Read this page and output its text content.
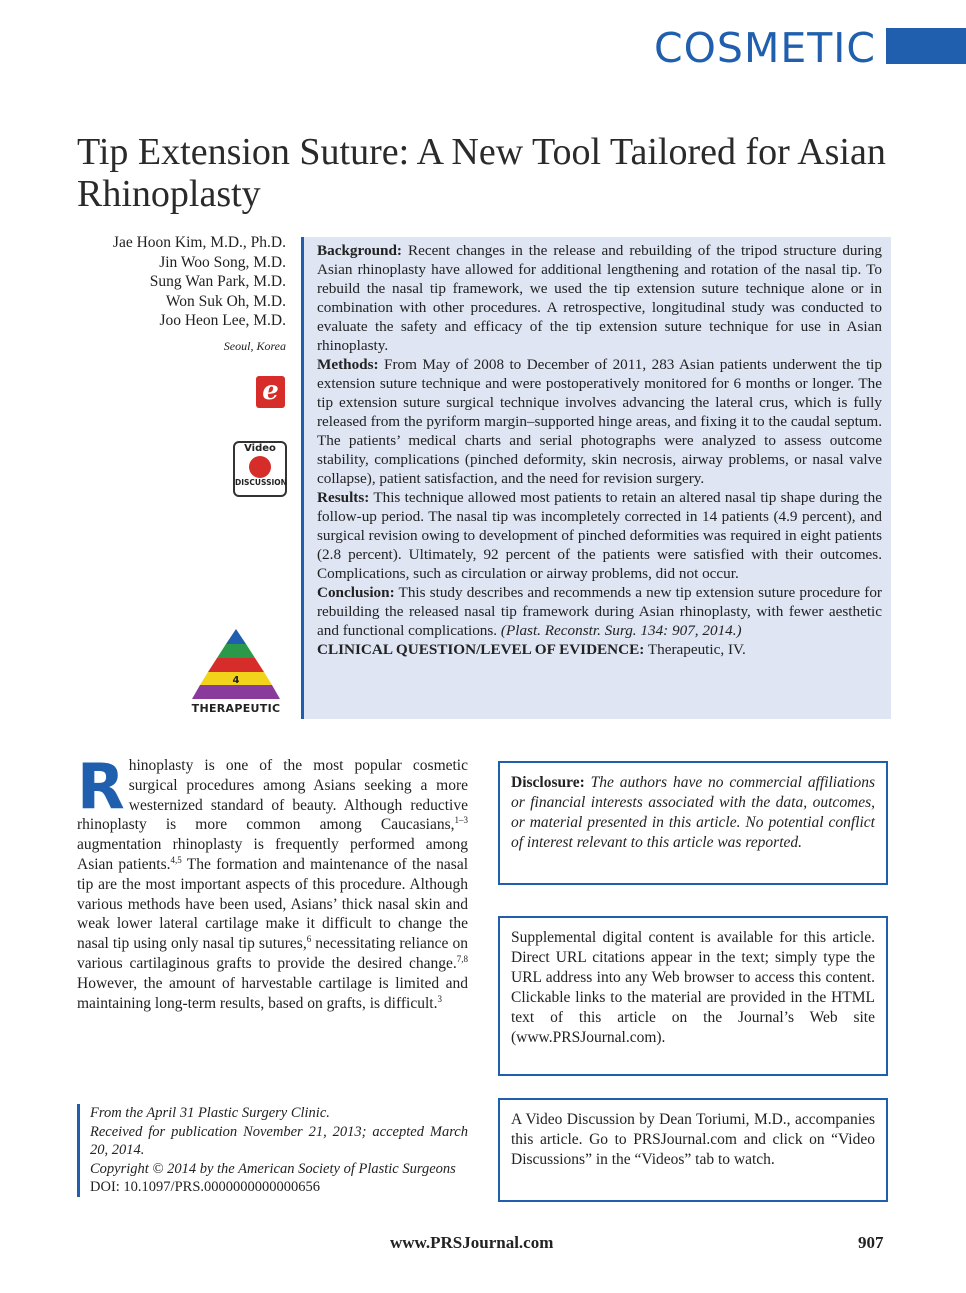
COSMETIC
Tip Extension Suture: A New Tool Tailored for Asian Rhinoplasty
Jae Hoon Kim, M.D., Ph.D.
Jin Woo Song, M.D.
Sung Wan Park, M.D.
Won Suk Oh, M.D.
Joo Heon Lee, M.D.
Seoul, Korea
e
Video
DISCUSSION
4
THERAPEUTIC

Background: Recent changes in the release and rebuilding of the tripod structure during Asian rhinoplasty have allowed for additional lengthening and rotation of the nasal tip. To rebuild the nasal tip framework, we used the tip extension suture technique alone or in combination with other procedures. A retrospective, longitudinal study was conducted to evaluate the safety and efficacy of the tip extension suture technique for use in Asian rhinoplasty.

Methods: From May of 2008 to December of 2011, 283 Asian patients underwent the tip extension suture technique and were postoperatively monitored for 6 months or longer. The tip extension suture surgical technique involves advancing the lateral crus, which is fully released from the pyriform margin–supported hinge areas, and fixing it to the caudal septum. The patients’ medical charts and serial photographs were analyzed to assess outcome stability, complications (pinched deformity, skin necrosis, airway problems, or nasal valve collapse), patient satisfaction, and the need for revision surgery.

Results: This technique allowed most patients to retain an altered nasal tip shape during the follow-up period. The nasal tip was incompletely corrected in 14 patients (4.9 percent), and surgical revision owing to development of pinched deformities was required in eight patients (2.8 percent). Ultimately, 92 percent of the patients were satisfied with their outcomes. Complications, such as circulation or airway problems, did not occur.

Conclusion: This study describes and recommends a new tip extension suture procedure for rebuilding the released nasal tip framework during Asian rhinoplasty, with fewer aesthetic and functional complications. (Plast. Reconstr. Surg. 134: 907, 2014.)

CLINICAL QUESTION/LEVEL OF EVIDENCE: Therapeutic, IV.

Rhinoplasty is one of the most popular cosmetic surgical procedures among Asians seeking a more westernized standard of beauty. Although reductive rhinoplasty is more common among Caucasians,$^{1-3}$ augmentation rhinoplasty is frequently performed among Asian patients.$^{4,5}$ The formation and maintenance of the nasal tip are the most important aspects of this procedure. Although various methods have been used, Asians’ thick nasal skin and weak lower lateral cartilage make it difficult to change the nasal tip using only nasal tip sutures,$^6$ necessitating reliance on various cartilaginous grafts to provide the desired change.$^{7,8}$ However, the amount of harvestable cartilage is limited and maintaining long-term results, based on grafts, is difficult.$^3$

Disclosure: The authors have no commercial affiliations or financial interests associated with the data, outcomes, or material presented in this article. No potential conflict of interest relevant to this article was reported.
Supplemental digital content is available for this article. Direct URL citations appear in the text; simply type the URL address into any Web browser to access this content. Clickable links to the material are provided in the HTML text of this article on the Journal’s Web site (www.PRSJournal.com).
A Video Discussion by Dean Toriumi, M.D., accompanies this article. Go to PRSJournal.com and click on “Video Discussions” in the “Videos” tab to watch.
From the April 31 Plastic Surgery Clinic.
Received for publication November 21, 2013; accepted March 20, 2014.
Copyright © 2014 by the American Society of Plastic Surgeons
DOI: 10.1097/PRS.0000000000000656
www.PRSJournal.com	907
